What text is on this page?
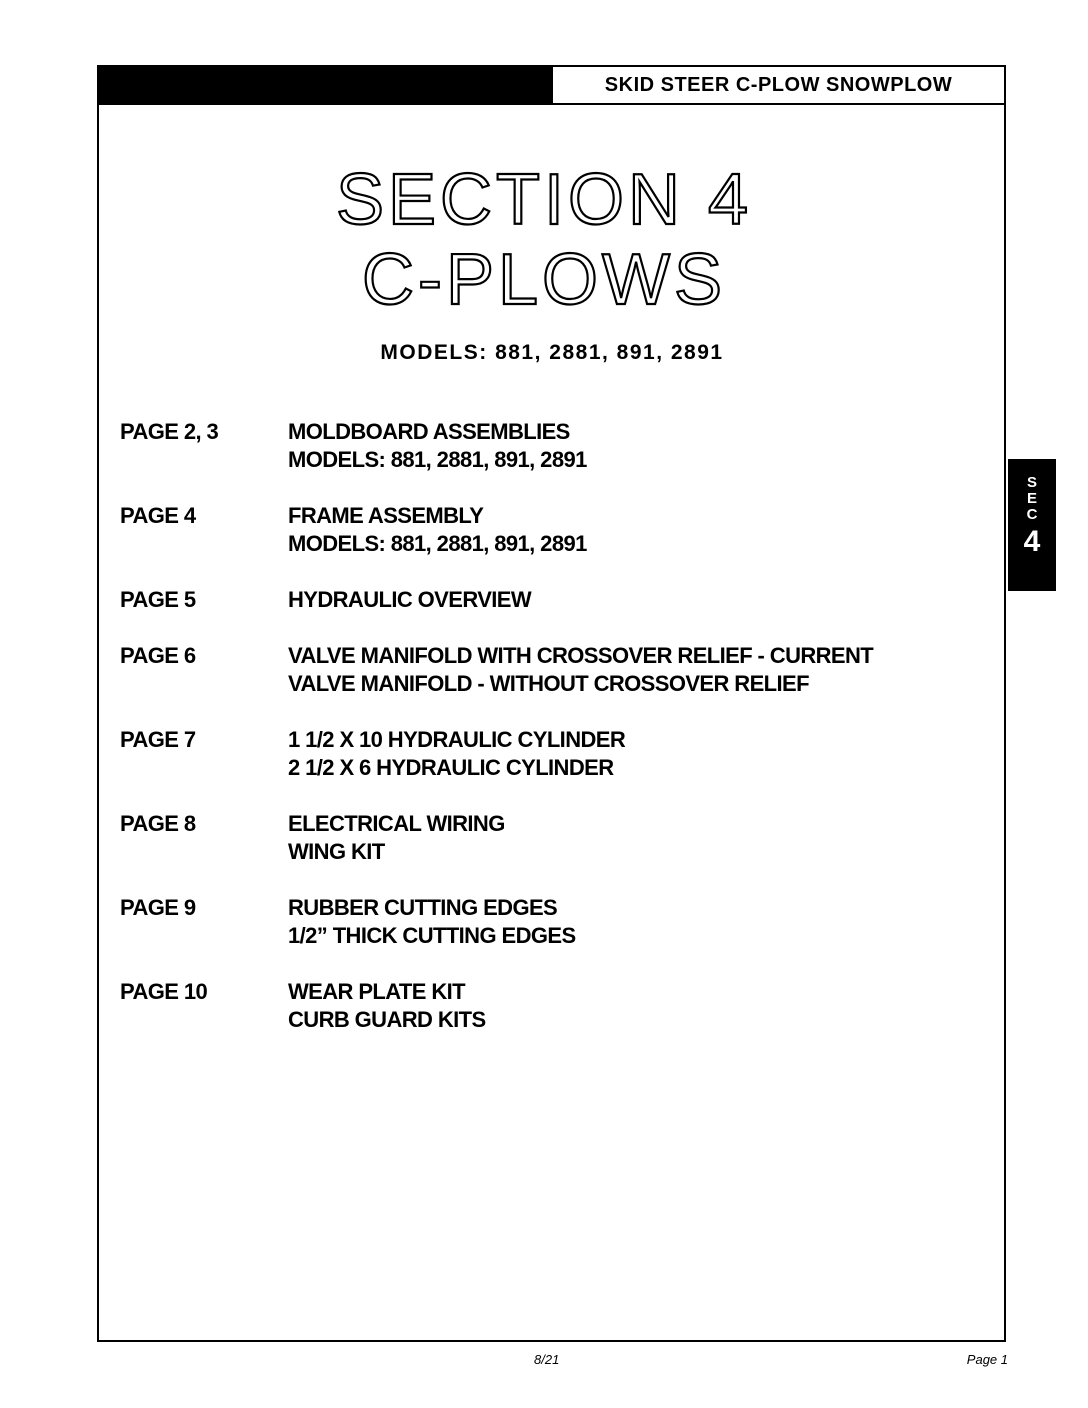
SKID STEER C-PLOW SNOWPLOW
SECTION 4
C-PLOWS
MODELS: 881, 2881, 891, 2891
PAGE 2, 3	MOLDBOARD ASSEMBLIES
MODELS: 881, 2881, 891, 2891
PAGE 4	FRAME ASSEMBLY
MODELS: 881, 2881, 891, 2891
PAGE 5	HYDRAULIC OVERVIEW
PAGE 6	VALVE MANIFOLD WITH CROSSOVER RELIEF - CURRENT
VALVE MANIFOLD - WITHOUT CROSSOVER RELIEF
PAGE 7	1 1/2 X 10 HYDRAULIC CYLINDER
2 1/2 X 6 HYDRAULIC CYLINDER
PAGE 8	ELECTRICAL WIRING
WING KIT
PAGE 9	RUBBER CUTTING EDGES
1/2” THICK CUTTING EDGES
PAGE 10	WEAR PLATE KIT
CURB GUARD KITS
S
E
C
4
8/21	Page 1
